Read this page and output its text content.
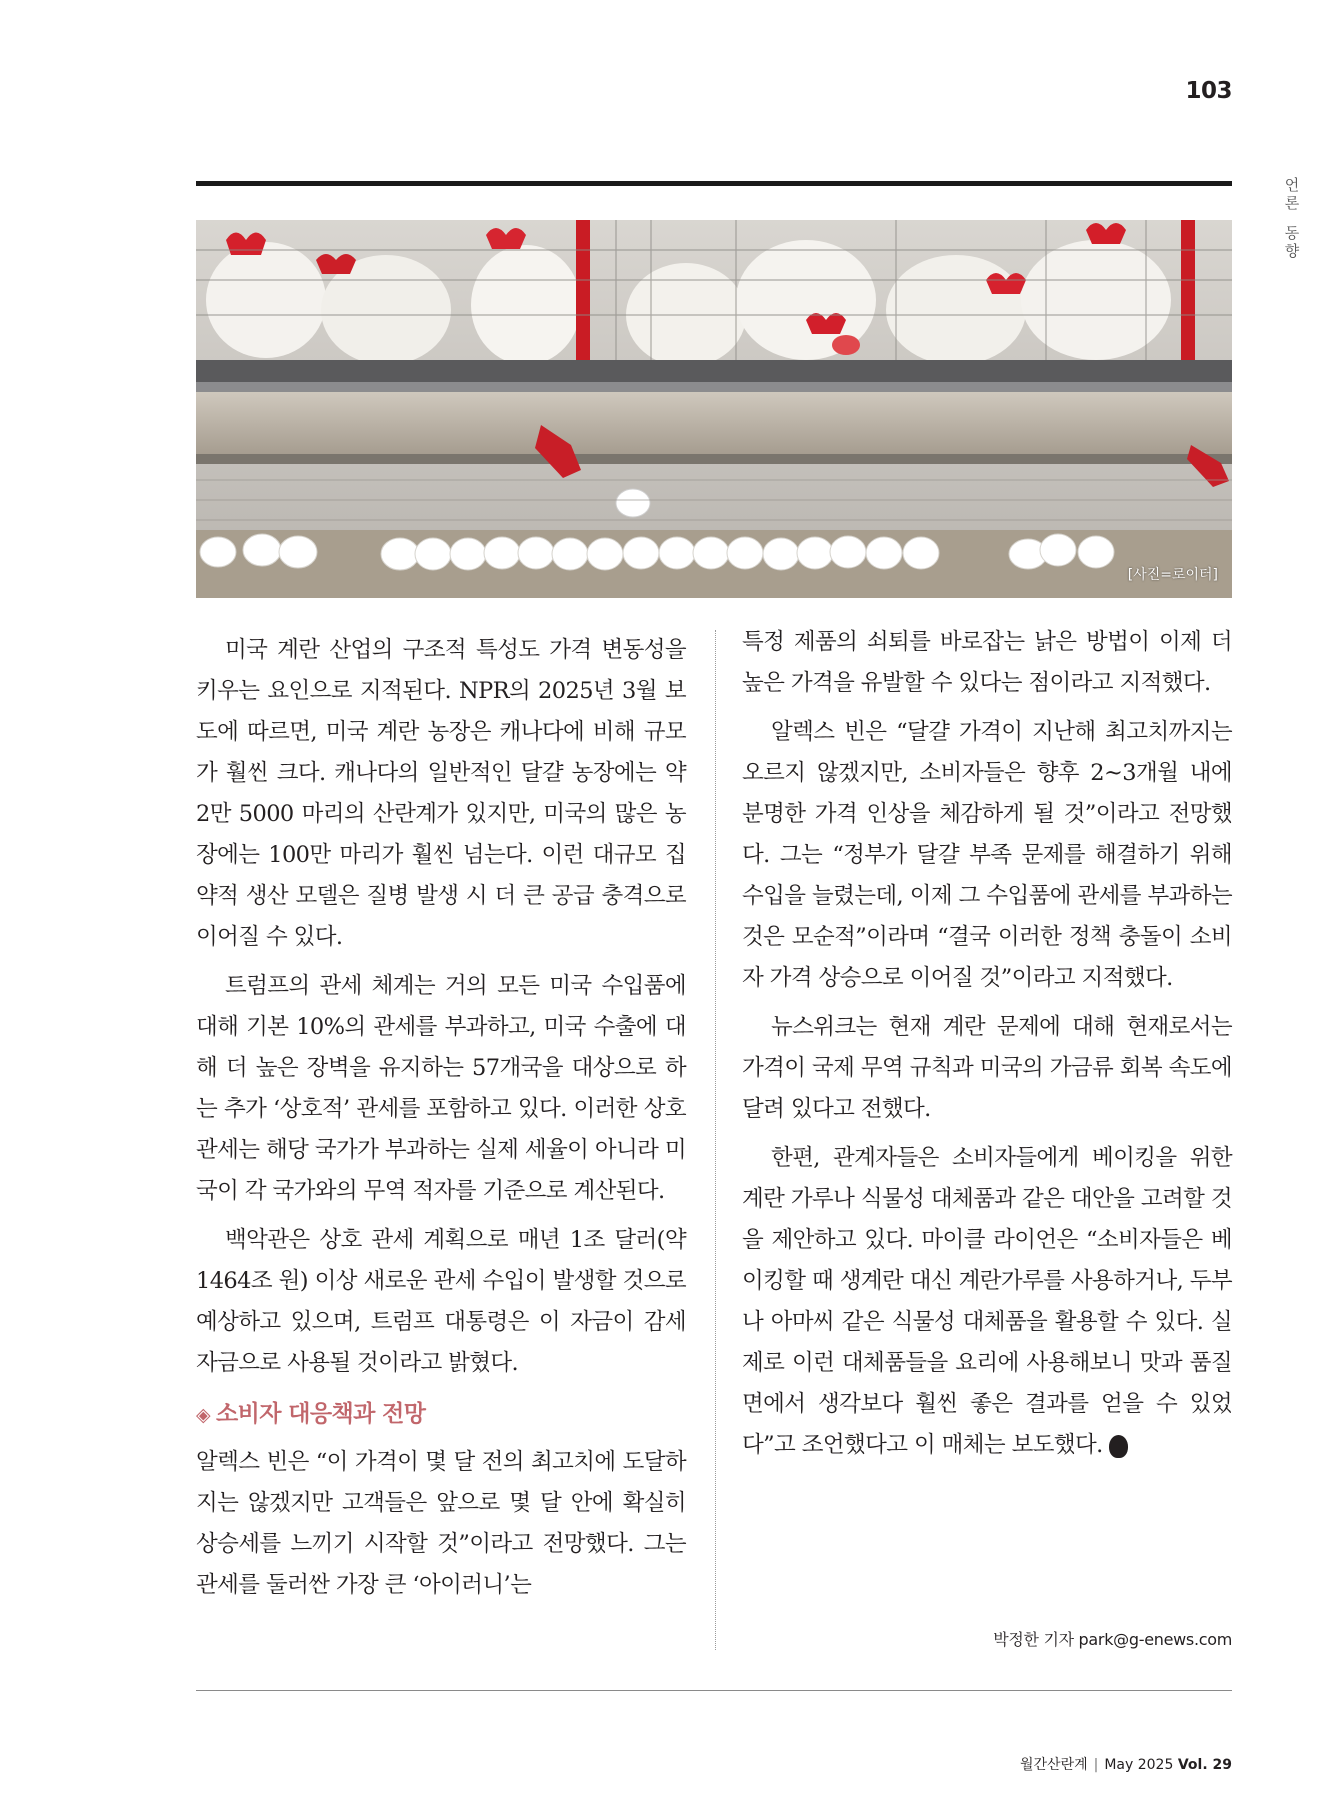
103
언
론
동
향
[사진=로이터]

미국 계란 산업의 구조적 특성도 가격 변동성을 키우는 요인으로 지적된다. NPR의 2025년 3월 보도에 따르면, 미국 계란 농장은 캐나다에 비해 규모가 훨씬 크다. 캐나다의 일반적인 달걀 농장에는 약 2만 5000 마리의 산란계가 있지만, 미국의 많은 농장에는 100만 마리가 훨씬 넘는다. 이런 대규모 집약적 생산 모델은 질병 발생 시 더 큰 공급 충격으로 이어질 수 있다.

트럼프의 관세 체계는 거의 모든 미국 수입품에 대해 기본 10%의 관세를 부과하고, 미국 수출에 대해 더 높은 장벽을 유지하는 57개국을 대상으로 하는 추가 ‘상호적’ 관세를 포함하고 있다. 이러한 상호 관세는 해당 국가가 부과하는 실제 세율이 아니라 미국이 각 국가와의 무역 적자를 기준으로 계산된다.

백악관은 상호 관세 계획으로 매년 1조 달러(약 1464조 원) 이상 새로운 관세 수입이 발생할 것으로 예상하고 있으며, 트럼프 대통령은 이 자금이 감세 자금으로 사용될 것이라고 밝혔다.

◈ 소비자 대응책과 전망

알렉스 빈은 “이 가격이 몇 달 전의 최고치에 도달하지는 않겠지만 고객들은 앞으로 몇 달 안에 확실히 상승세를 느끼기 시작할 것”이라고 전망했다. 그는 관세를 둘러싼 가장 큰 ‘아이러니’는

특정 제품의 쇠퇴를 바로잡는 낡은 방법이 이제 더 높은 가격을 유발할 수 있다는 점이라고 지적했다.

알렉스 빈은 “달걀 가격이 지난해 최고치까지는 오르지 않겠지만, 소비자들은 향후 2~3개월 내에 분명한 가격 인상을 체감하게 될 것”이라고 전망했다. 그는 “정부가 달걀 부족 문제를 해결하기 위해 수입을 늘렸는데, 이제 그 수입품에 관세를 부과하는 것은 모순적”이라며 “결국 이러한 정책 충돌이 소비자 가격 상승으로 이어질 것”이라고 지적했다.

뉴스위크는 현재 계란 문제에 대해 현재로서는 가격이 국제 무역 규칙과 미국의 가금류 회복 속도에 달려 있다고 전했다.

한편, 관계자들은 소비자들에게 베이킹을 위한 계란 가루나 식물성 대체품과 같은 대안을 고려할 것을 제안하고 있다. 마이클 라이언은 “소비자들은 베이킹할 때 생계란 대신 계란가루를 사용하거나, 두부나 아마씨 같은 식물성 대체품을 활용할 수 있다. 실제로 이런 대체품들을 요리에 사용해보니 맛과 품질 면에서 생각보다 훨씬 좋은 결과를 얻을 수 있었다”고 조언했다고 이 매체는 보도했다.	끝

박정한 기자 park@g-enews.com
월간산란계 | May 2025 Vol. 29
